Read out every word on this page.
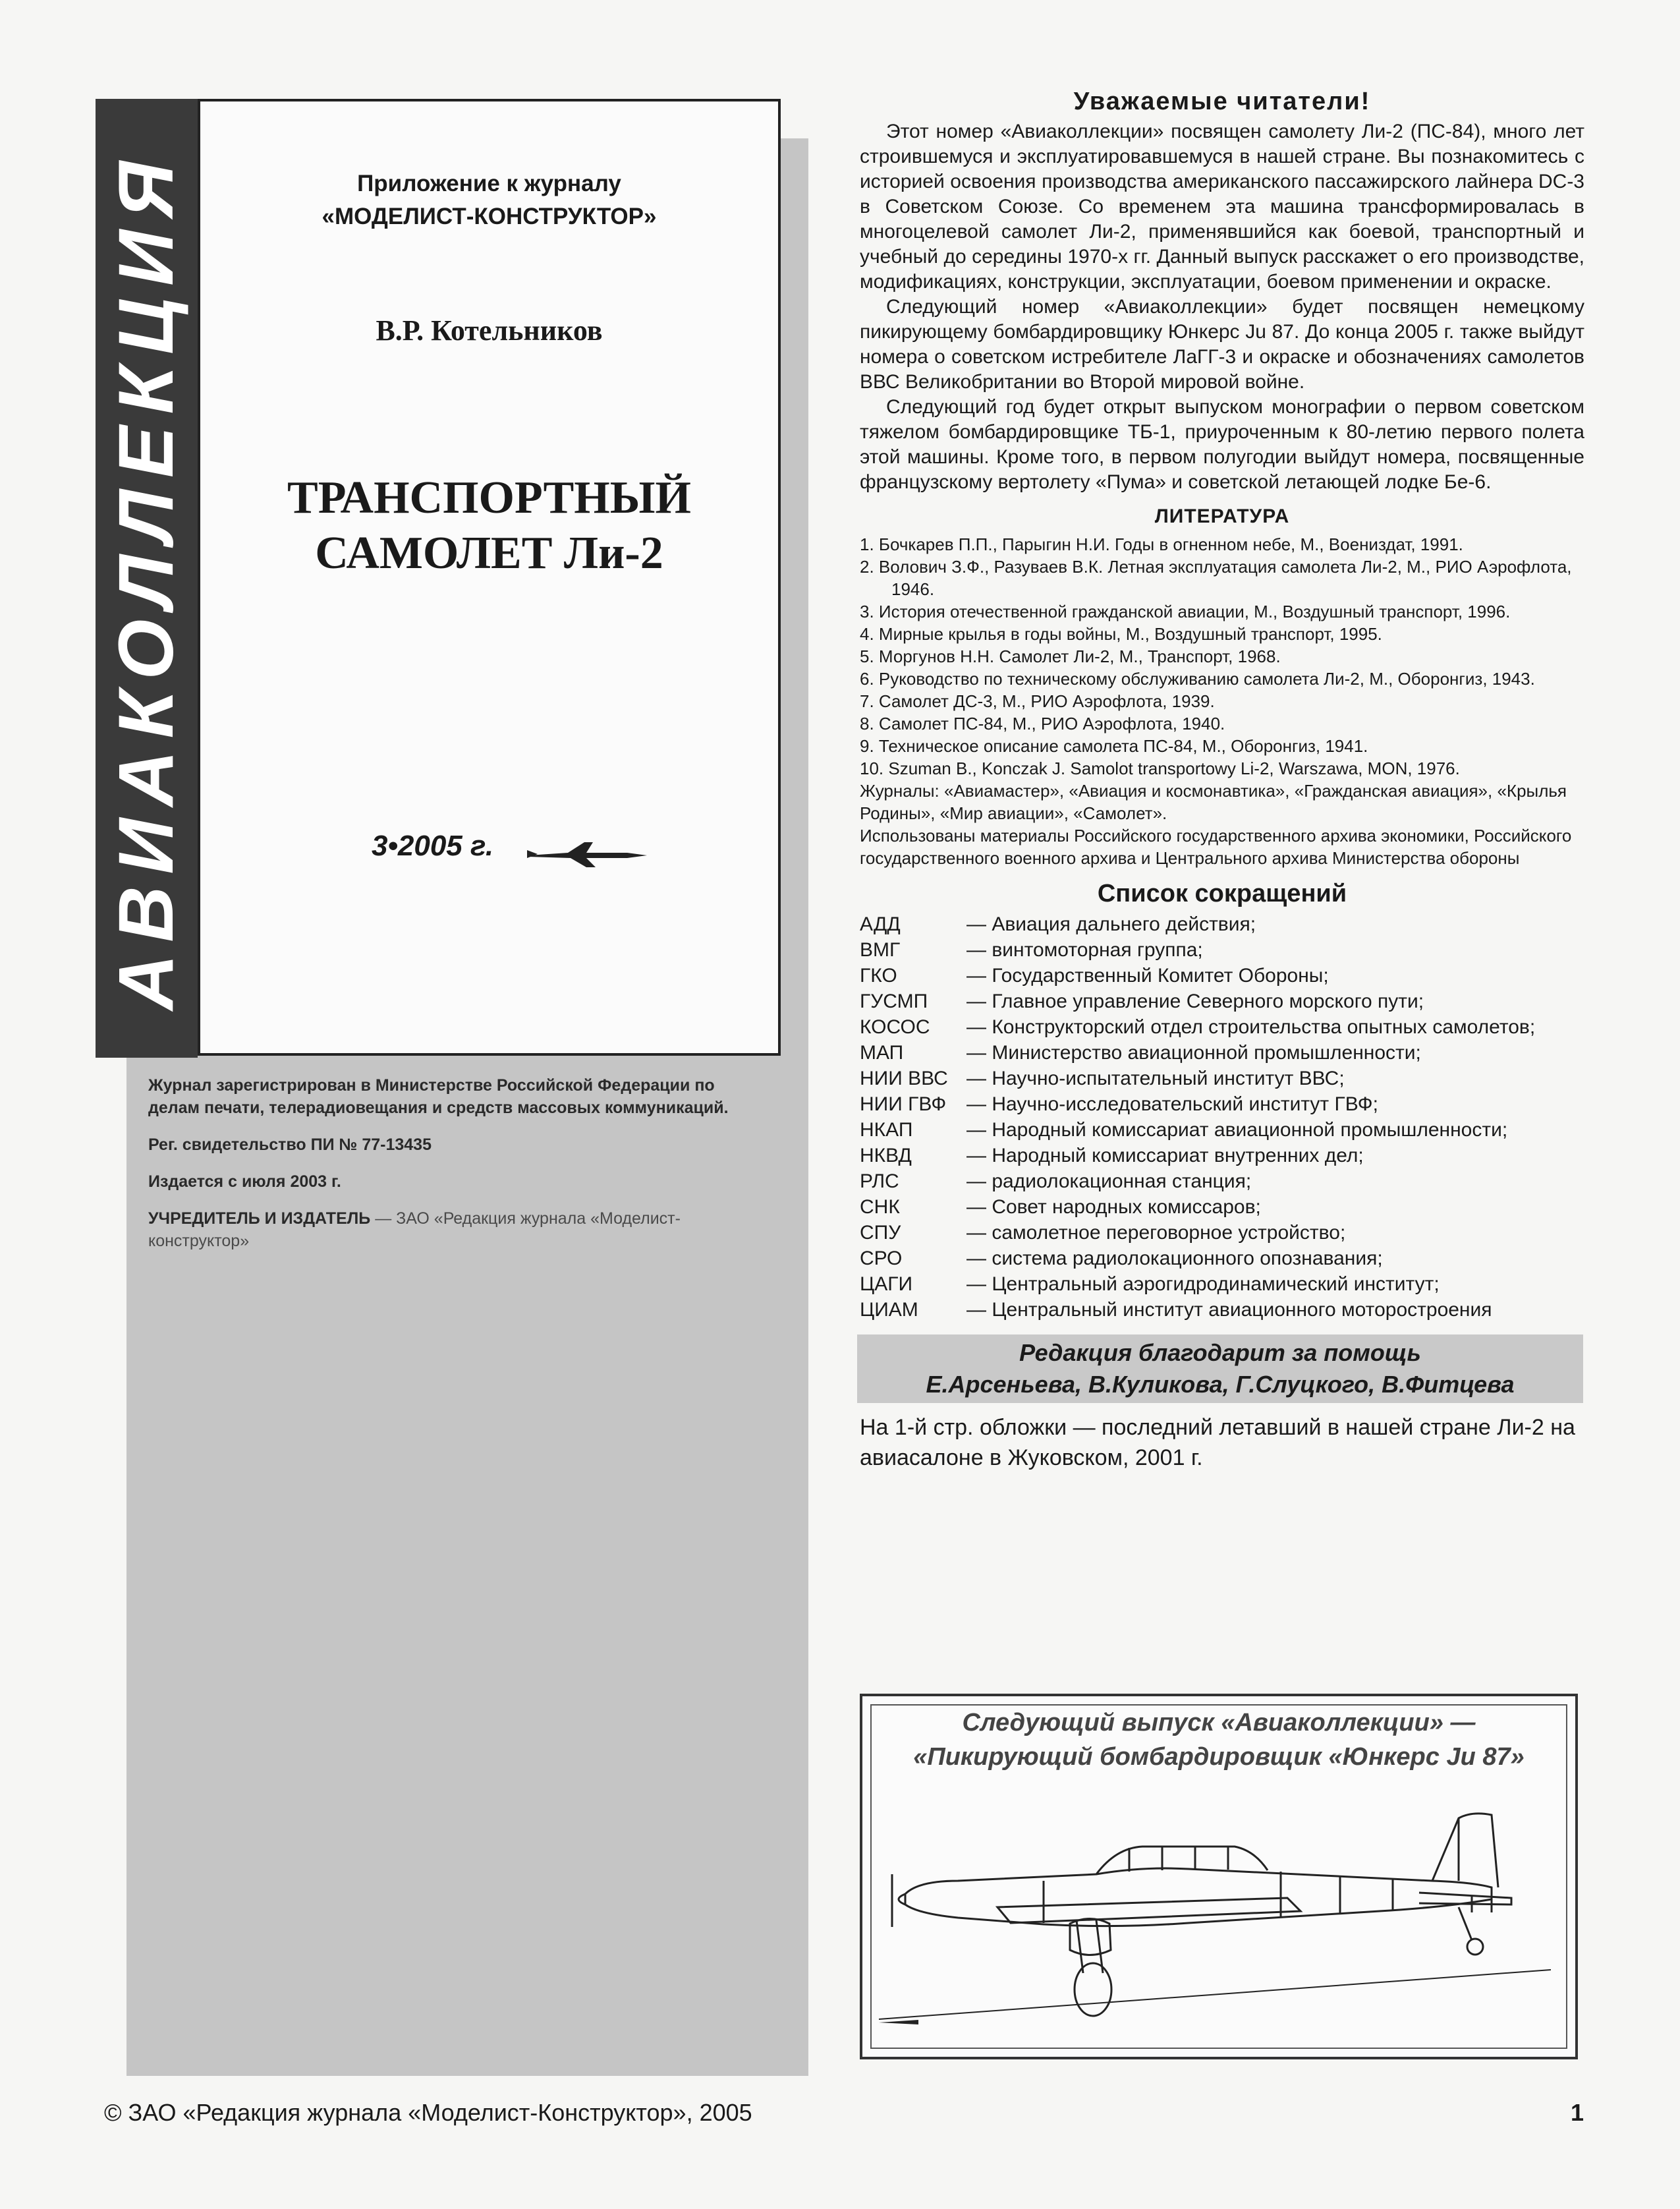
АВИАКОЛЛЕКЦИЯ	Приложение к журналу
«МОДЕЛИСТ-КОНСТРУКТОР»
В.Р. Котельников
ТРАНСПОРТНЫЙ
САМОЛЕТ Ли-2
3•2005 г.

Журнал зарегистрирован в Министерстве Российской Федерации по делам печати, телерадиовещания и средств массовых коммуникаций.

Рег. свидетельство ПИ № 77-13435

Издается с июля 2003 г.

УЧРЕДИТЕЛЬ И ИЗДАТЕЛЬ — ЗАО «Редакция журнала «Моделист-конструктор»

Уважаемые читатели!

Этот номер «Авиаколлекции» посвящен самолету Ли-2 (ПС-84), много лет строившемуся и эксплуатировавшемуся в нашей стране. Вы познакомитесь с историей освоения производства американского пассажирского лайнера DC-3 в Советском Союзе. Со временем эта машина трансформировалась в многоцелевой самолет Ли-2, применявшийся как боевой, транспортный и учебный до середины 1970-х гг. Данный выпуск расскажет о его производстве, модификациях, конструкции, эксплуатации, боевом применении и окраске.

Следующий номер «Авиаколлекции» будет посвящен немецкому пикирующему бомбардировщику Юнкерс Ju 87. До конца 2005 г. также выйдут номера о советском истребителе ЛаГГ-3 и окраске и обозначениях самолетов ВВС Великобритании во Второй мировой войне.

Следующий год будет открыт выпуском монографии о первом советском тяжелом бомбардировщике ТБ-1, приуроченным к 80-летию первого полета этой машины. Кроме того, в первом полугодии выйдут номера, посвященные французскому вертолету «Пума» и советской летающей лодке Бе-6.

ЛИТЕРАТУРА
1. Бочкарев П.П., Парыгин Н.И. Годы в огненном небе, М., Воениздат, 1991.
2. Волович З.Ф., Разуваев В.К. Летная эксплуатация самолета Ли-2, М., РИО Аэрофлота, 1946.
3. История отечественной гражданской авиации, М., Воздушный транспорт, 1996.
4. Мирные крылья в годы войны, М., Воздушный транспорт, 1995.
5. Моргунов Н.Н. Самолет Ли-2, М., Транспорт, 1968.
6. Руководство по техническому обслуживанию самолета Ли-2, М., Оборонгиз, 1943.
7. Самолет ДС-3, М., РИО Аэрофлота, 1939.
8. Самолет ПС-84, М., РИО Аэрофлота, 1940.
9. Техническое описание самолета ПС-84, М., Оборонгиз, 1941.
10. Szuman B., Konczak J. Samolot transportowy Li-2, Warszawa, MON, 1976.

Журналы: «Авиамастер», «Авиация и космонавтика», «Гражданская авиация», «Крылья Родины», «Мир авиации», «Самолет».

Использованы материалы Российского государственного архива экономики, Российского государственного военного архива и Центрального архива Министерства обороны

Список сокращений
АДД	— Авиация дальнего действия;
ВМГ	— винтомоторная группа;
ГКО	— Государственный Комитет Обороны;
ГУСМП	— Главное управление Северного морского пути;
КОСОС	— Конструкторский отдел строительства опытных самолетов;
МАП	— Министерство авиационной промышленности;
НИИ ВВС — Научно-испытательный институт ВВС;
НИИ ГВФ	— Научно-исследовательский институт ГВФ;
НКАП	— Народный комиссариат авиационной промышленности;
НКВД	— Народный комиссариат внутренних дел;
РЛС	— радиолокационная станция;
СНК	— Совет народных комиссаров;
СПУ	— самолетное переговорное устройство;
СРО	— система радиолокационного опознавания;
ЦАГИ	— Центральный аэрогидродинамический институт;
ЦИАМ	— Центральный институт авиационного моторостроения
Редакция благодарит за помощь
Е.Арсеньева, В.Куликова, Г.Слуцкого, В.Фитцева

На 1-й стр. обложки — последний летавший в нашей стране Ли-2 на авиасалоне в Жуковском, 2001 г.

Следующий выпуск «Авиаколлекции» —
«Пикирующий бомбардировщик «Юнкерс Ju 87»
© ЗАО «Редакция журнала «Моделист-Конструктор», 2005	1
